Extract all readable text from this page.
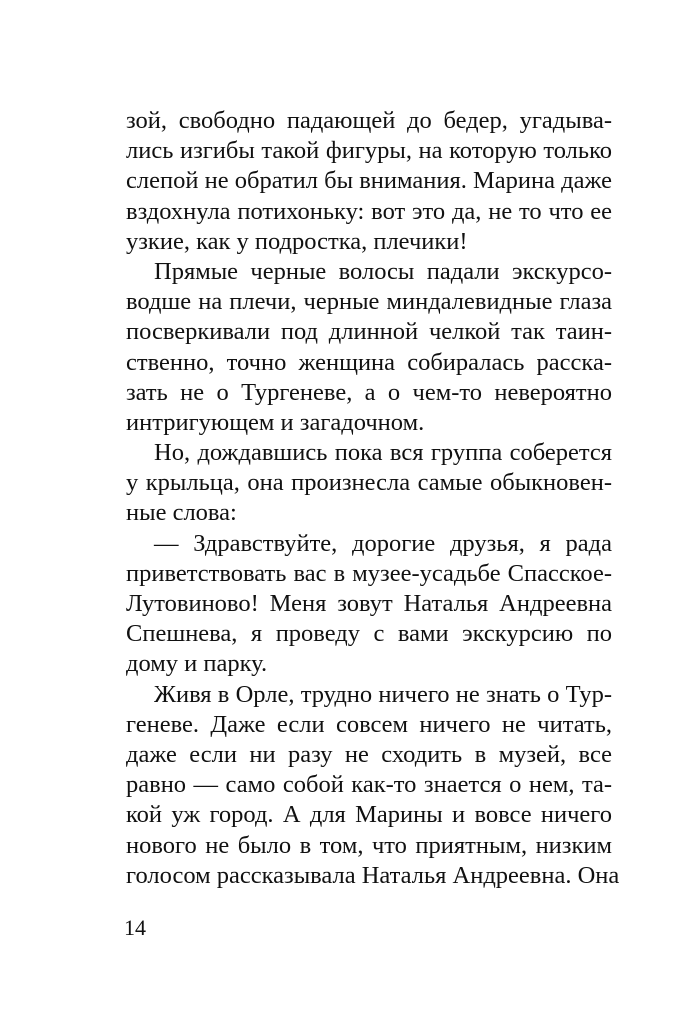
зой, свободно падающей до бедер, угадыва-
лись изгибы такой фигуры, на которую только
слепой не обратил бы внимания. Марина даже
вздохнула потихоньку: вот это да, не то что ее
узкие, как у подростка, плечики!
Прямые черные волосы падали экскурсо-
водше на плечи, черные миндалевидные глаза
посверкивали под длинной челкой так таин-
ственно, точно женщина собиралась расска-
зать не о Тургеневе, а о чем-то невероятно
интригующем и загадочном.
Но, дождавшись пока вся группа соберется
у крыльца, она произнесла самые обыкновен-
ные слова:
— Здравствуйте, дорогие друзья, я рада
приветствовать вас в музее-усадьбе Спасское-
Лутовиново! Меня зовут Наталья Андреевна
Спешнева, я проведу с вами экскурсию по
дому и парку.
Живя в Орле, трудно ничего не знать о Тур-
геневе. Даже если совсем ничего не читать,
даже если ни разу не сходить в музей, все
равно — само собой как-то знается о нем, та-
кой уж город. А для Марины и вовсе ничего
нового не было в том, что приятным, низким
голосом рассказывала Наталья Андреевна. Она
14
